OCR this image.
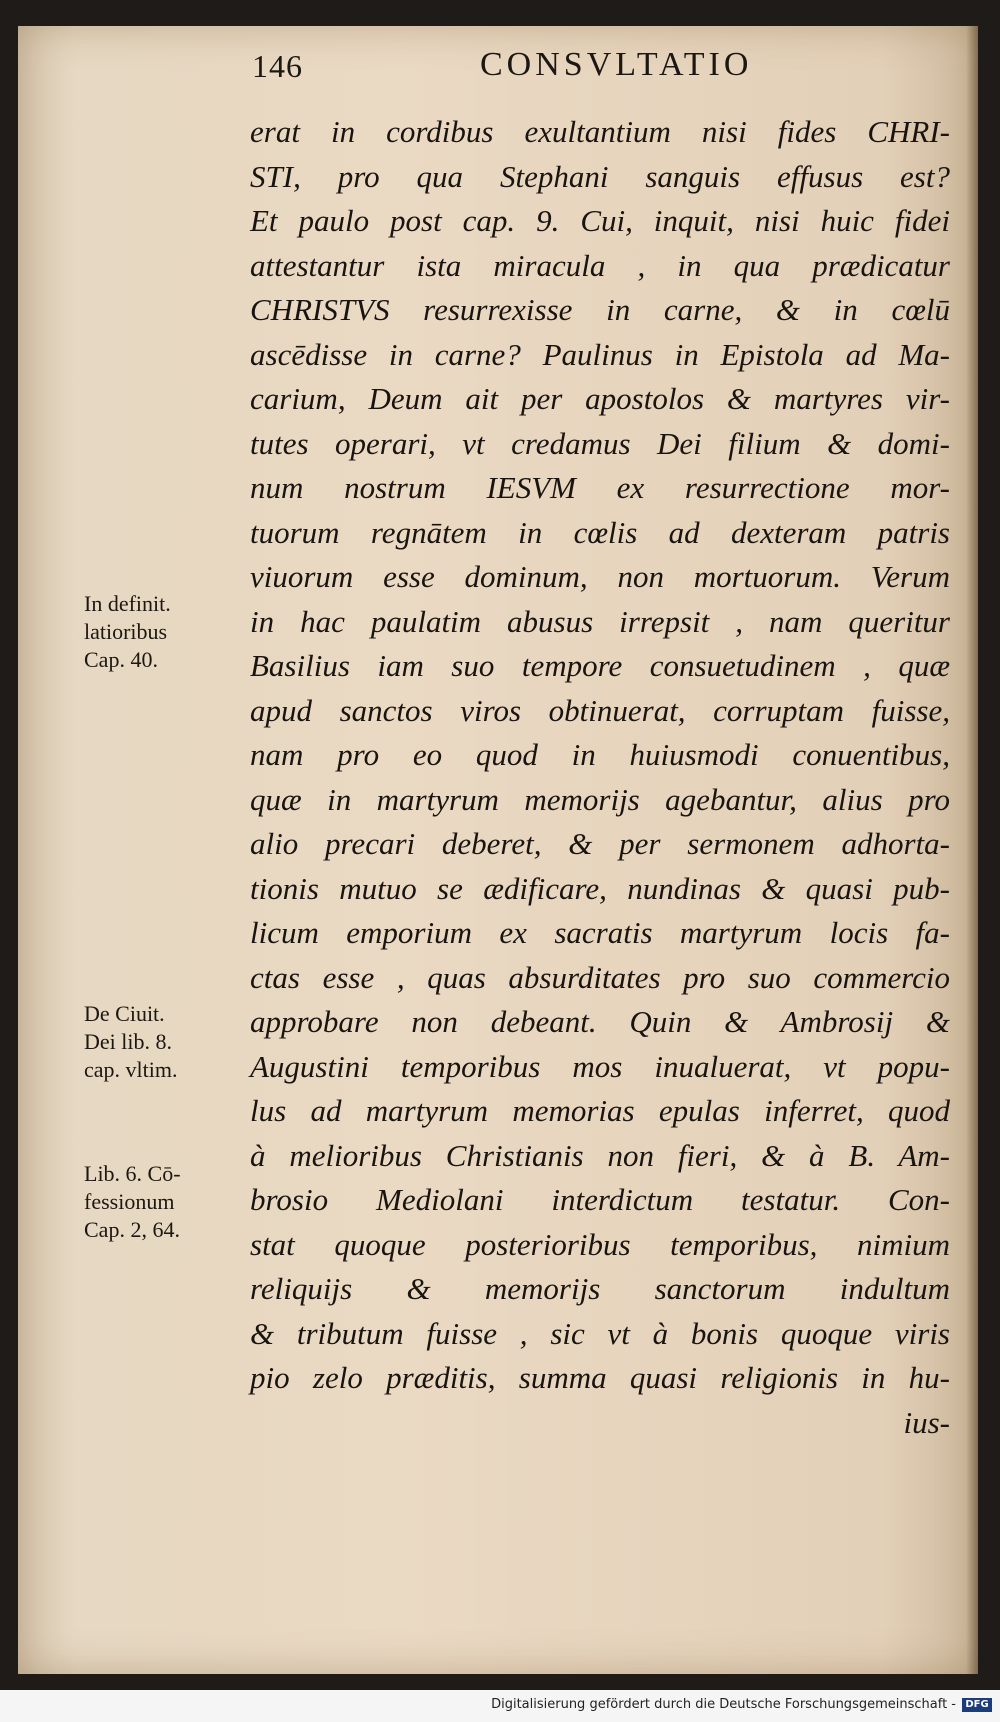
146	CONSVLTATIO
erat in cordibus exultantium nisi fides CHRI-
STI, pro qua Stephani sanguis effusus est?
Et paulo post cap. 9. Cui, inquit, nisi huic fidei
attestantur ista miracula , in qua prædicatur
CHRISTVS resurrexisse in carne, & in cœlū
ascēdisse in carne? Paulinus in Epistola ad Ma-
carium, Deum ait per apostolos & martyres vir-
tutes operari, vt credamus Dei filium & domi-
num nostrum IESVM ex resurrectione mor-
tuorum regnātem in cœlis ad dexteram patris
viuorum esse dominum, non mortuorum. Verum
in hac paulatim abusus irrepsit , nam queritur
Basilius iam suo tempore consuetudinem , quæ
apud sanctos viros obtinuerat, corruptam fuisse,
nam pro eo quod in huiusmodi conuentibus,
quæ in martyrum memorijs agebantur, alius pro
alio precari deberet, & per sermonem adhorta-
tionis mutuo se ædificare, nundinas & quasi pub-
licum emporium ex sacratis martyrum locis fa-
ctas esse , quas absurditates pro suo commercio
approbare non debeant. Quin & Ambrosij &
Augustini temporibus mos inualuerat, vt popu-
lus ad martyrum memorias epulas inferret, quod
à melioribus Christianis non fieri, & à B. Am-
brosio Mediolani interdictum testatur. Con-
stat quoque posterioribus temporibus, nimium
reliquijs & memorijs sanctorum indultum
& tributum fuisse , sic vt à bonis quoque viris
pio zelo præditis, summa quasi religionis in hu-
ius-
In definit.
latioribus
Cap. 40.
De Ciuit.
Dei lib. 8.
cap. vltim.
Lib. 6. Cō-
fessionum
Cap. 2, 64.
Digitalisierung gefördert durch die Deutsche Forschungsgemeinschaft - DFG
